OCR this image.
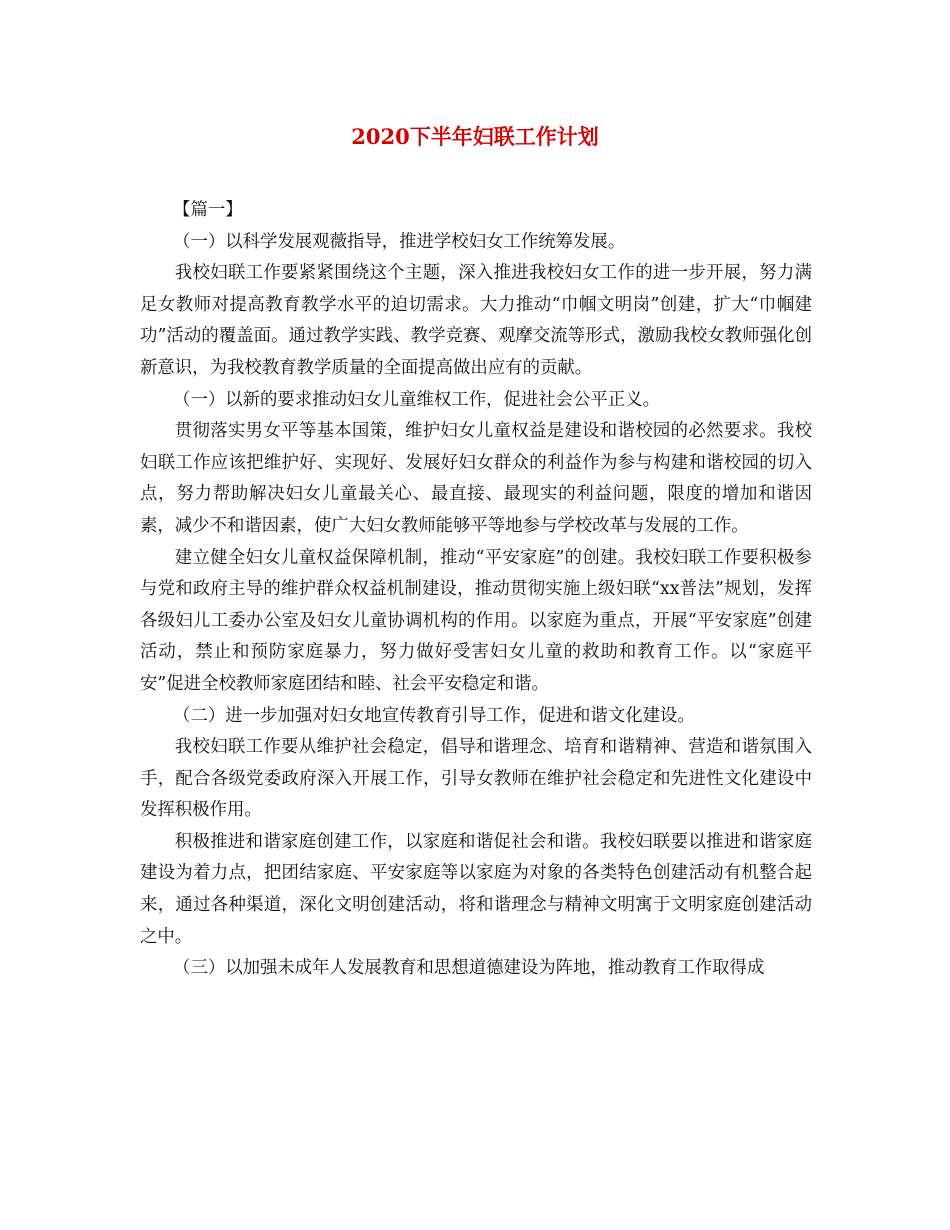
2020下半年妇联工作计划

【篇一】

（一）以科学发展观薇指导，推进学校妇女工作统筹发展。

我校妇联工作要紧紧围绕这个主题，深入推进我校妇女工作的进一步开展，努力满足女教师对提高教育教学水平的迫切需求。大力推动“巾帼文明岗”创建，扩大“巾帼建功”活动的覆盖面。通过教学实践、教学竞赛、观摩交流等形式，激励我校女教师强化创新意识，为我校教育教学质量的全面提高做出应有的贡献。

（一）以新的要求推动妇女儿童维权工作，促进社会公平正义。

贯彻落实男女平等基本国策，维护妇女儿童权益是建设和谐校园的必然要求。我校妇联工作应该把维护好、实现好、发展好妇女群众的利益作为参与构建和谐校园的切入点，努力帮助解决妇女儿童最关心、最直接、最现实的利益问题，限度的增加和谐因素，减少不和谐因素，使广大妇女教师能够平等地参与学校改革与发展的工作。

建立健全妇女儿童权益保障机制，推动“平安家庭”的创建。我校妇联工作要积极参与党和政府主导的维护群众权益机制建设，推动贯彻实施上级妇联“xx普法”规划，发挥各级妇儿工委办公室及妇女儿童协调机构的作用。以家庭为重点，开展“平安家庭”创建活动，禁止和预防家庭暴力，努力做好受害妇女儿童的救助和教育工作。以“家庭平安”促进全校教师家庭团结和睦、社会平安稳定和谐。

（二）进一步加强对妇女地宣传教育引导工作，促进和谐文化建设。

我校妇联工作要从维护社会稳定，倡导和谐理念、培育和谐精神、营造和谐氛围入手，配合各级党委政府深入开展工作，引导女教师在维护社会稳定和先进性文化建设中发挥积极作用。

积极推进和谐家庭创建工作，以家庭和谐促社会和谐。我校妇联要以推进和谐家庭建设为着力点，把团结家庭、平安家庭等以家庭为对象的各类特色创建活动有机整合起来，通过各种渠道，深化文明创建活动，将和谐理念与精神文明寓于文明家庭创建活动之中。

（三）以加强未成年人发展教育和思想道德建设为阵地，推动教育工作取得成
